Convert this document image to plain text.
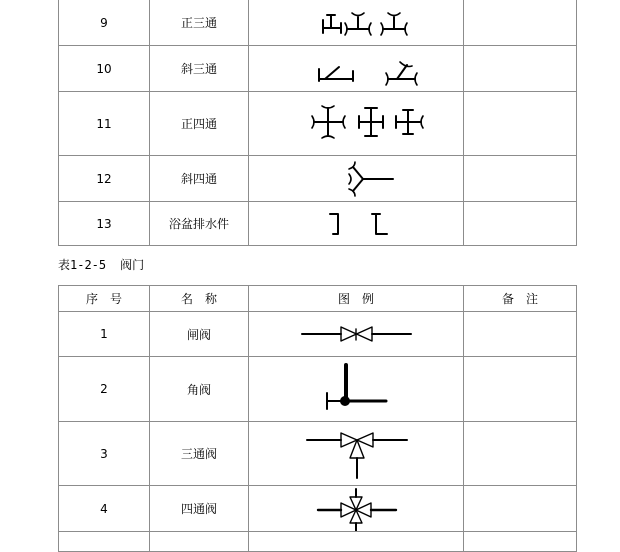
9	正三通	

10	斜三通	

11	正四通	

12	斜四通	

13	浴盆排水件	

表1-2-5 阀门
序　号	名　称	图　例	备　注
1	闸阀	

2	角阀	

3	三通阀	

4	四通阀	
